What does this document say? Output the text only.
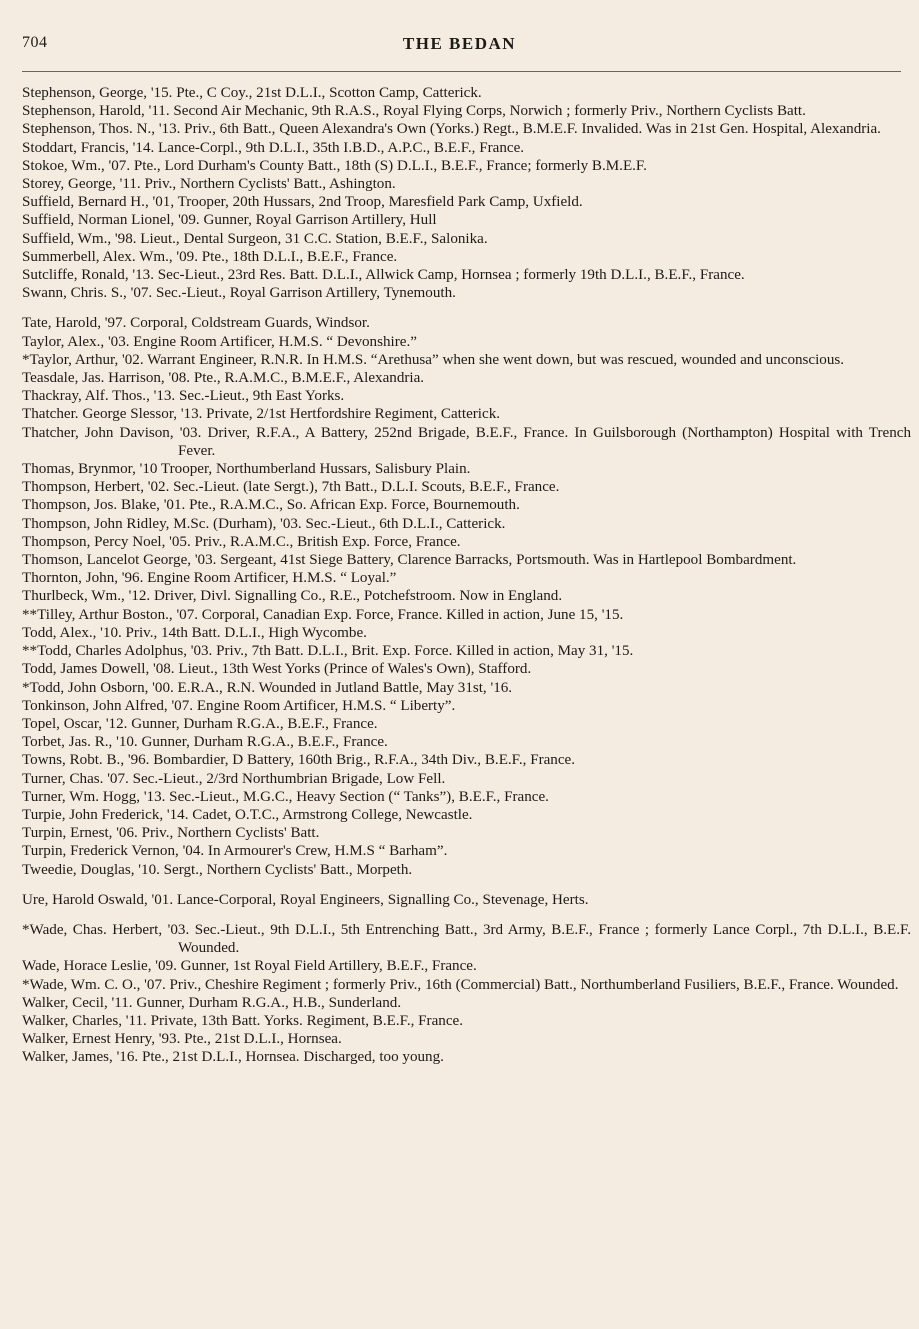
704	THE BEDAN
Stephenson, George, '15. Pte., C Coy., 21st D.L.I., Scotton Camp, Catterick.
Stephenson, Harold, '11. Second Air Mechanic, 9th R.A.S., Royal Flying Corps, Norwich ; formerly Priv., Northern Cyclists Batt.
Stephenson, Thos. N., '13. Priv., 6th Batt., Queen Alexandra's Own (Yorks.) Regt., B.M.E.F. Invalided. Was in 21st Gen. Hospital, Alexandria.
Stoddart, Francis, '14. Lance-Corpl., 9th D.L.I., 35th I.B.D., A.P.C., B.E.F., France.
Stokoe, Wm., '07. Pte., Lord Durham's County Batt., 18th (S) D.L.I., B.E.F., France; formerly B.M.E.F.
Storey, George, '11. Priv., Northern Cyclists' Batt., Ashington.
Suffield, Bernard H., '01, Trooper, 20th Hussars, 2nd Troop, Maresfield Park Camp, Uxfield.
Suffield, Norman Lionel, '09. Gunner, Royal Garrison Artillery, Hull
Suffield, Wm., '98. Lieut., Dental Surgeon, 31 C.C. Station, B.E.F., Salonika.
Summerbell, Alex. Wm., '09. Pte., 18th D.L.I., B.E.F., France.
Sutcliffe, Ronald, '13. Sec-Lieut., 23rd Res. Batt. D.L.I., Allwick Camp, Hornsea ; formerly 19th D.L.I., B.E.F., France.
Swann, Chris. S., '07. Sec.-Lieut., Royal Garrison Artillery, Tynemouth.
Tate, Harold, '97. Corporal, Coldstream Guards, Windsor.
Taylor, Alex., '03. Engine Room Artificer, H.M.S. “ Devonshire.”
*Taylor, Arthur, '02. Warrant Engineer, R.N.R. In H.M.S. “Arethusa” when she went down, but was rescued, wounded and unconscious.
Teasdale, Jas. Harrison, '08. Pte., R.A.M.C., B.M.E.F., Alexandria.
Thackray, Alf. Thos., '13. Sec.-Lieut., 9th East Yorks.
Thatcher. George Slessor, '13. Private, 2/1st Hertfordshire Regiment, Catterick.
Thatcher, John Davison, '03. Driver, R.F.A., A Battery, 252nd Brigade, B.E.F., France. In Guilsborough (Northampton) Hospital with Trench Fever.
Thomas, Brynmor, '10 Trooper, Northumberland Hussars, Salisbury Plain.
Thompson, Herbert, '02. Sec.-Lieut. (late Sergt.), 7th Batt., D.L.I. Scouts, B.E.F., France.
Thompson, Jos. Blake, '01. Pte., R.A.M.C., So. African Exp. Force, Bournemouth.
Thompson, John Ridley, M.Sc. (Durham), '03. Sec.-Lieut., 6th D.L.I., Catterick.
Thompson, Percy Noel, '05. Priv., R.A.M.C., British Exp. Force, France.
Thomson, Lancelot George, '03. Sergeant, 41st Siege Battery, Clarence Barracks, Portsmouth. Was in Hartlepool Bombardment.
Thornton, John, '96. Engine Room Artificer, H.M.S. “ Loyal.”
Thurlbeck, Wm., '12. Driver, Divl. Signalling Co., R.E., Potchefstroom. Now in England.
**Tilley, Arthur Boston., '07. Corporal, Canadian Exp. Force, France. Killed in action, June 15, '15.
Todd, Alex., '10. Priv., 14th Batt. D.L.I., High Wycombe.
**Todd, Charles Adolphus, '03. Priv., 7th Batt. D.L.I., Brit. Exp. Force. Killed in action, May 31, '15.
Todd, James Dowell, '08. Lieut., 13th West Yorks (Prince of Wales's Own), Stafford.
*Todd, John Osborn, '00. E.R.A., R.N. Wounded in Jutland Battle, May 31st, '16.
Tonkinson, John Alfred, '07. Engine Room Artificer, H.M.S. “ Liberty”.
Topel, Oscar, '12. Gunner, Durham R.G.A., B.E.F., France.
Torbet, Jas. R., '10. Gunner, Durham R.G.A., B.E.F., France.
Towns, Robt. B., '96. Bombardier, D Battery, 160th Brig., R.F.A., 34th Div., B.E.F., France.
Turner, Chas. '07. Sec.-Lieut., 2/3rd Northumbrian Brigade, Low Fell.
Turner, Wm. Hogg, '13. Sec.-Lieut., M.G.C., Heavy Section (“ Tanks”), B.E.F., France.
Turpie, John Frederick, '14. Cadet, O.T.C., Armstrong College, Newcastle.
Turpin, Ernest, '06. Priv., Northern Cyclists' Batt.
Turpin, Frederick Vernon, '04. In Armourer's Crew, H.M.S “ Barham”.
Tweedie, Douglas, '10. Sergt., Northern Cyclists' Batt., Morpeth.
Ure, Harold Oswald, '01. Lance-Corporal, Royal Engineers, Signalling Co., Stevenage, Herts.
*Wade, Chas. Herbert, '03. Sec.-Lieut., 9th D.L.I., 5th Entrenching Batt., 3rd Army, B.E.F., France ; formerly Lance Corpl., 7th D.L.I., B.E.F. Wounded.
Wade, Horace Leslie, '09. Gunner, 1st Royal Field Artillery, B.E.F., France.
*Wade, Wm. C. O., '07. Priv., Cheshire Regiment ; formerly Priv., 16th (Commercial) Batt., Northumberland Fusiliers, B.E.F., France. Wounded.
Walker, Cecil, '11. Gunner, Durham R.G.A., H.B., Sunderland.
Walker, Charles, '11. Private, 13th Batt. Yorks. Regiment, B.E.F., France.
Walker, Ernest Henry, '93. Pte., 21st D.L.I., Hornsea.
Walker, James, '16. Pte., 21st D.L.I., Hornsea. Discharged, too young.
